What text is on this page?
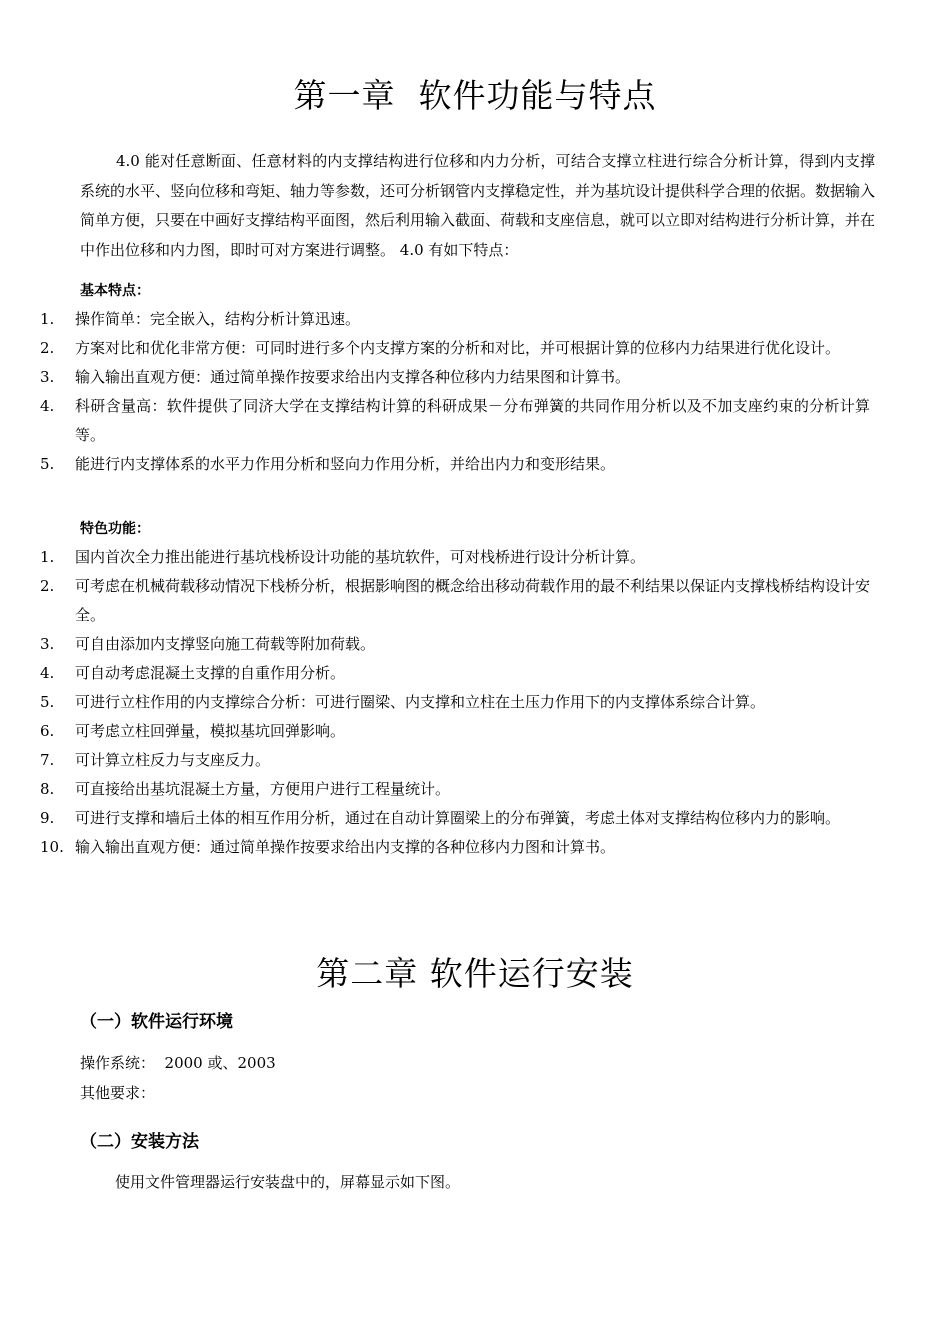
第一章  软件功能与特点

4.0 能对任意断面、任意材料的内支撑结构进行位移和内力分析，可结合支撑立柱进行综合分析计算，得到内支撑系统的水平、竖向位移和弯矩、轴力等参数，还可分析钢管内支撑稳定性，并为基坑设计提供科学合理的依据。数据输入简单方便，只要在中画好支撑结构平面图，然后利用输入截面、荷载和支座信息，就可以立即对结构进行分析计算，并在中作出位移和内力图，即时可对方案进行调整。 4.0 有如下特点：

基本特点：
1. 操作简单：完全嵌入，结构分析计算迅速。
2. 方案对比和优化非常方便：可同时进行多个内支撑方案的分析和对比，并可根据计算的位移内力结果进行优化设计。
3. 输入输出直观方便：通过简单操作按要求给出内支撑各种位移内力结果图和计算书。
4. 科研含量高：软件提供了同济大学在支撑结构计算的科研成果－分布弹簧的共同作用分析以及不加支座约束的分析计算等。
5. 能进行内支撑体系的水平力作用分析和竖向力作用分析，并给出内力和变形结果。
特色功能：
1. 国内首次全力推出能进行基坑栈桥设计功能的基坑软件，可对栈桥进行设计分析计算。
2. 可考虑在机械荷载移动情况下栈桥分析，根据影响图的概念给出移动荷载作用的最不利结果以保证内支撑栈桥结构设计安全。
3. 可自由添加内支撑竖向施工荷载等附加荷载。
4. 可自动考虑混凝土支撑的自重作用分析。
5. 可进行立柱作用的内支撑综合分析：可进行圈梁、内支撑和立柱在土压力作用下的内支撑体系综合计算。
6. 可考虑立柱回弹量，模拟基坑回弹影响。
7. 可计算立柱反力与支座反力。
8. 可直接给出基坑混凝土方量，方便用户进行工程量统计。
9. 可进行支撑和墙后土体的相互作用分析，通过在自动计算圈梁上的分布弹簧，考虑土体对支撑结构位移内力的影响。
10. 输入输出直观方便：通过简单操作按要求给出内支撑的各种位移内力图和计算书。
第二章 软件运行安装
（一）软件运行环境
操作系统：  2000 或、2003
其他要求：
（二）安装方法
使用文件管理器运行安装盘中的，屏幕显示如下图。
